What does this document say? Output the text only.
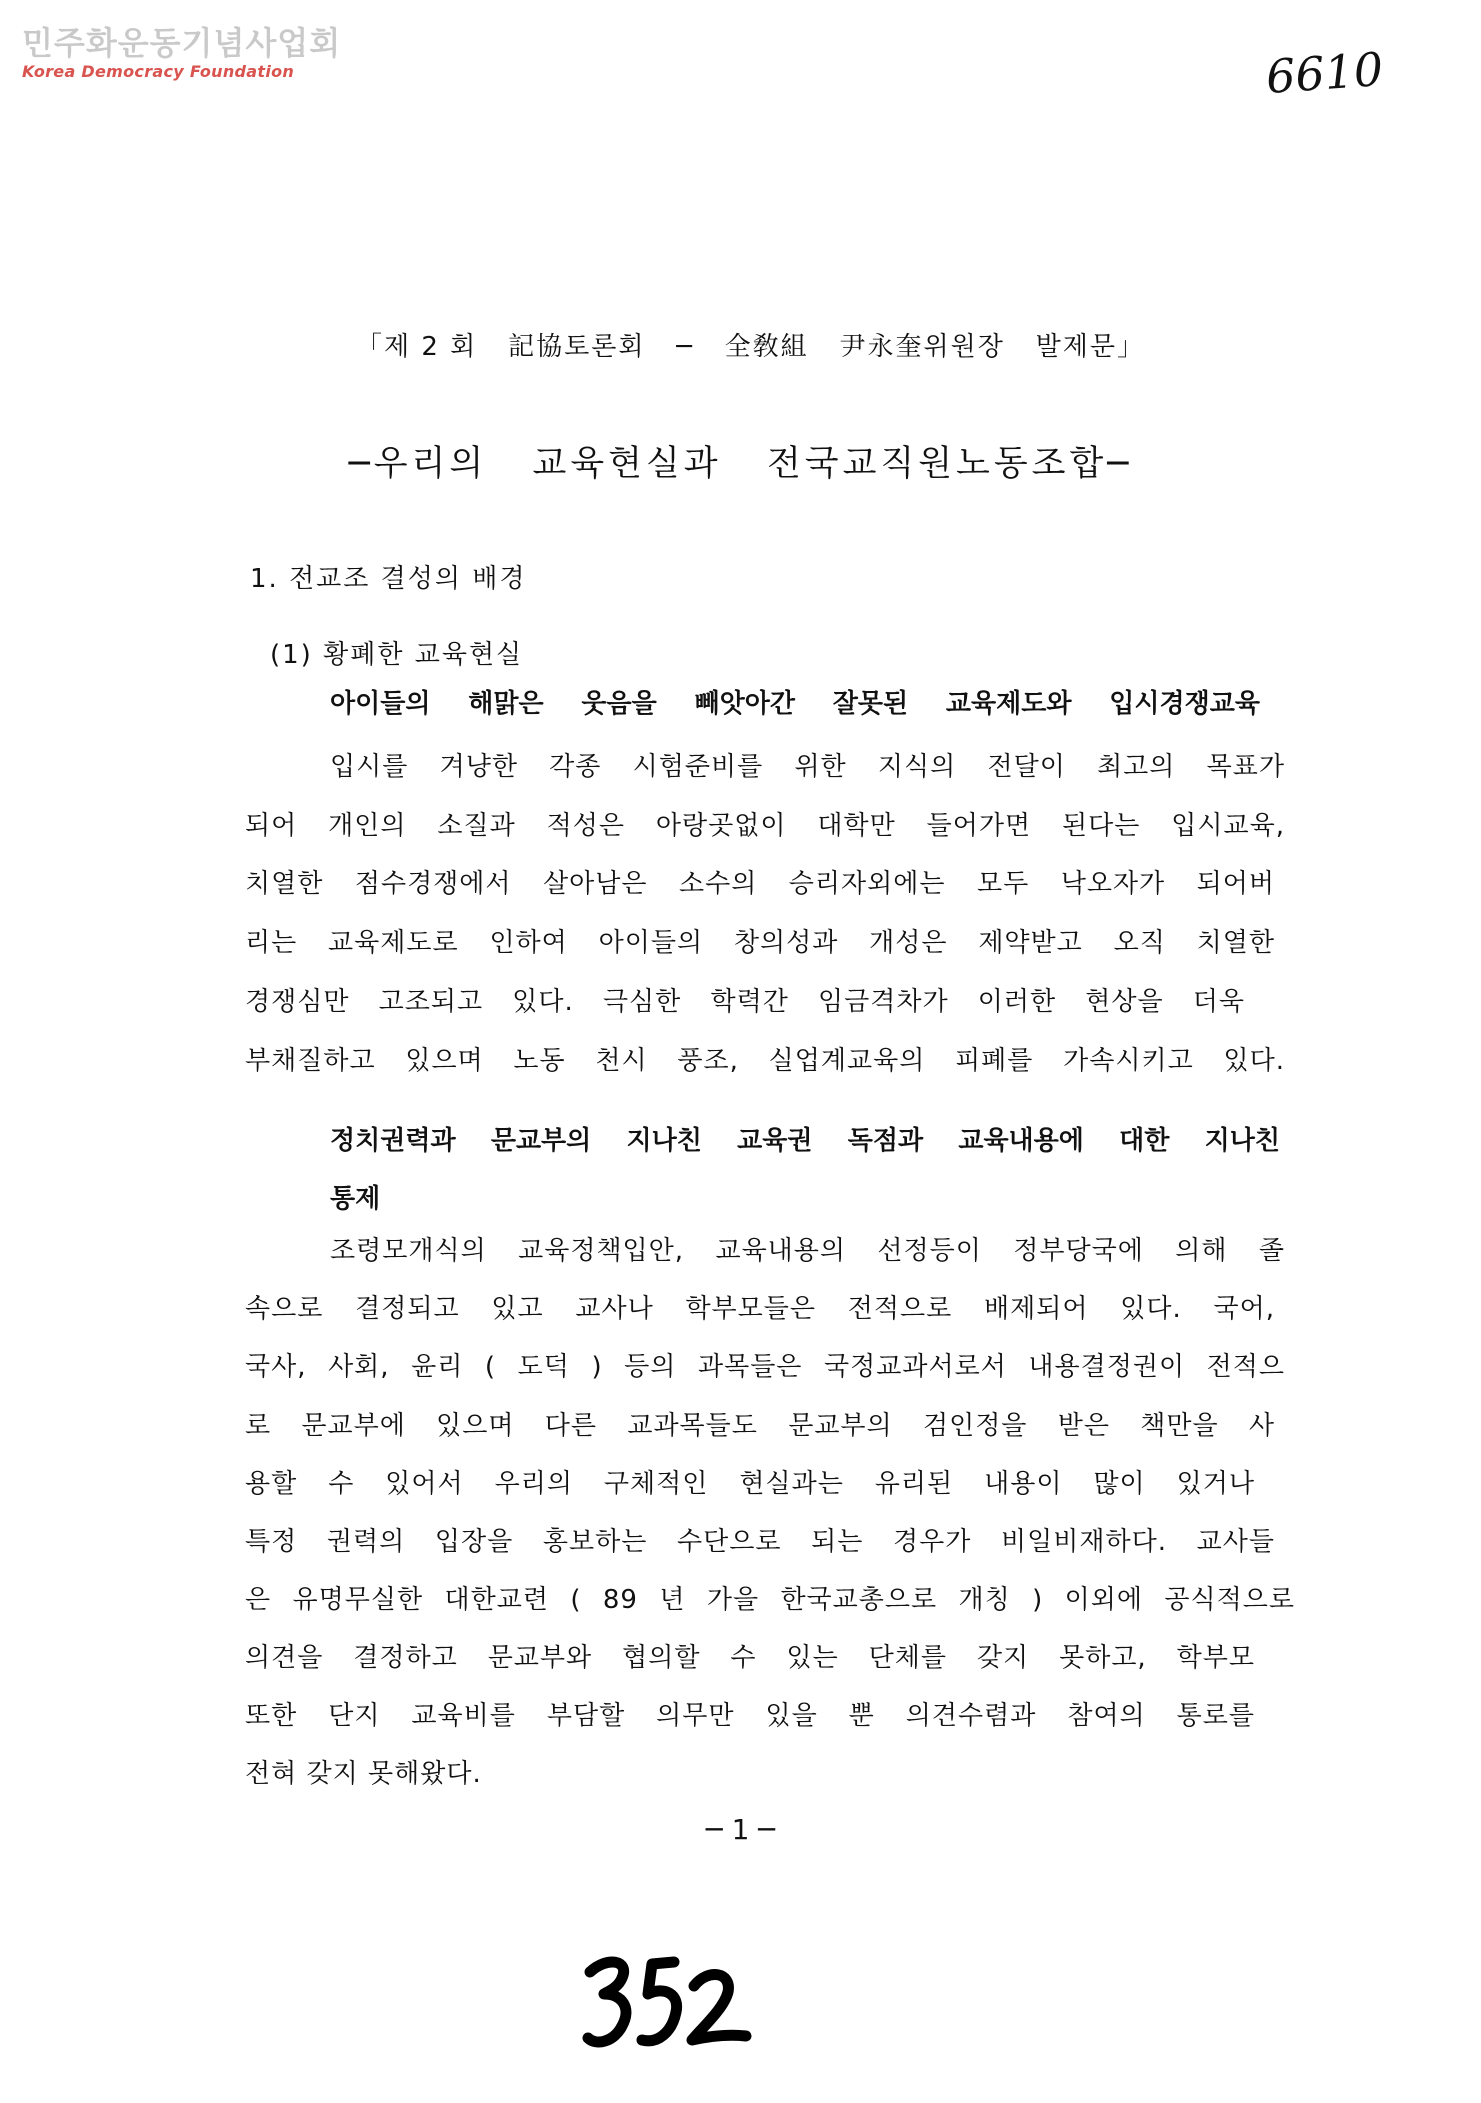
민주화운동기념사업회
Korea Democracy Foundation	6610
「제 2 회   記協토론회   ─   全敎組   尹永奎위원장   발제문」
─우리의   교육현실과   전국교직원노동조합─
1. 전교조 결성의 배경
(1) 황폐한 교육현실
아이들의 해맑은 웃음을 빼앗아간 잘못된 교육제도와 입시경쟁교육
입시를 겨냥한 각종 시험준비를 위한 지식의 전달이 최고의 목표가
되어 개인의 소질과 적성은 아랑곳없이 대학만 들어가면 된다는 입시교육,
치열한 점수경쟁에서 살아남은 소수의 승리자외에는 모두 낙오자가 되어버
리는 교육제도로 인하여 아이들의 창의성과 개성은 제약받고 오직 치열한
경쟁심만 고조되고 있다. 극심한 학력간 임금격차가 이러한 현상을 더욱
부채질하고 있으며 노동 천시 풍조, 실업계교육의 피폐를 가속시키고 있다.
정치권력과 문교부의 지나친 교육권 독점과 교육내용에 대한 지나친
통제
조령모개식의 교육정책입안, 교육내용의 선정등이 정부당국에 의해 졸
속으로 결정되고 있고 교사나 학부모들은 전적으로 배제되어 있다. 국어,
국사, 사회, 윤리 ( 도덕 ) 등의 과목들은 국정교과서로서 내용결정권이 전적으
로 문교부에 있으며 다른 교과목들도 문교부의 검인정을 받은 책만을 사
용할 수 있어서 우리의 구체적인 현실과는 유리된 내용이 많이 있거나
특정 권력의 입장을 홍보하는 수단으로 되는 경우가 비일비재하다. 교사들
은 유명무실한 대한교련 ( 89 년 가을 한국교총으로 개칭 ) 이외에 공식적으로
의견을 결정하고 문교부와 협의할 수 있는 단체를 갖지 못하고, 학부모
또한 단지 교육비를 부담할 의무만 있을 뿐 의견수렴과 참여의 통로를
전혀 갖지 못해왔다.
─ 1 ─
